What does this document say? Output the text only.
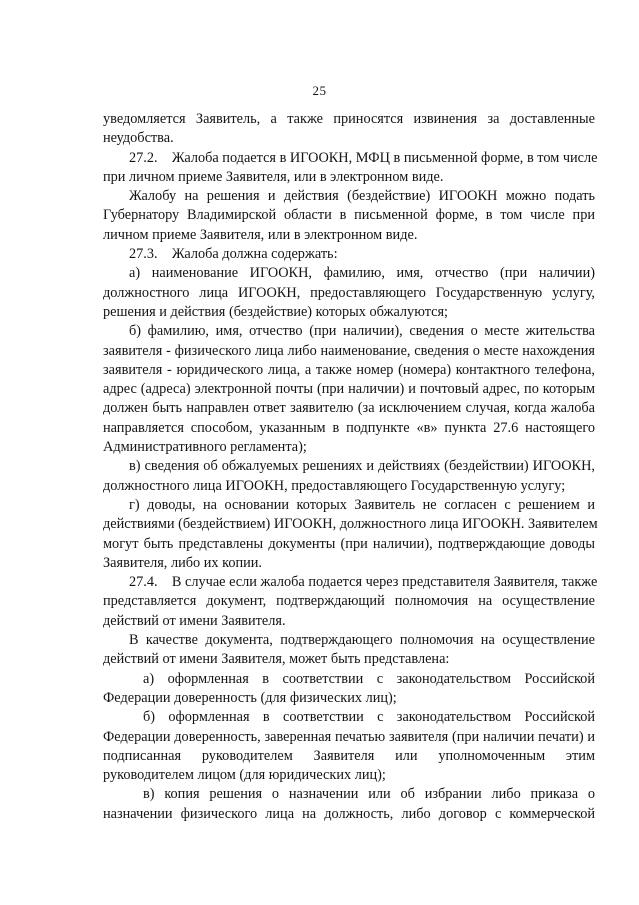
25
уведомляется Заявитель, а также приносятся извинения за доставленные
неудобства.
27.2.    Жалоба подается в ИГООКН, МФЦ в письменной форме, в том числе
при личном приеме Заявителя, или в электронном виде.
Жалобу на решения и действия (бездействие) ИГООКН можно подать
Губернатору Владимирской области в письменной форме, в том числе при
личном приеме Заявителя, или в электронном виде.
27.3.    Жалоба должна содержать:
а) наименование ИГООКН, фамилию, имя, отчество (при наличии)
должностного лица ИГООКН, предоставляющего Государственную услугу,
решения и действия (бездействие) которых обжалуются;
б) фамилию, имя, отчество (при наличии), сведения о месте жительства
заявителя - физического лица либо наименование, сведения о месте нахождения
заявителя - юридического лица, а также номер (номера) контактного телефона,
адрес (адреса) электронной почты (при наличии) и почтовый адрес, по которым
должен быть направлен ответ заявителю (за исключением случая, когда жалоба
направляется способом, указанным в подпункте «в» пункта 27.6 настоящего
Административного регламента);
в) сведения об обжалуемых решениях и действиях (бездействии) ИГООКН,
должностного лица ИГООКН, предоставляющего Государственную услугу;
г) доводы, на основании которых Заявитель не согласен с решением и
действиями (бездействием) ИГООКН, должностного лица ИГООКН. Заявителем
могут быть представлены документы (при наличии), подтверждающие доводы
Заявителя, либо их копии.
27.4.    В случае если жалоба подается через представителя Заявителя, также
представляется документ, подтверждающий полномочия на осуществление
действий от имени Заявителя.
В качестве документа, подтверждающего полномочия на осуществление
действий от имени Заявителя, может быть представлена:
а) оформленная в соответствии с законодательством Российской
Федерации доверенность (для физических лиц);
б) оформленная в соответствии с законодательством Российской
Федерации доверенность, заверенная печатью заявителя (при наличии печати) и
подписанная руководителем Заявителя или уполномоченным этим
руководителем лицом (для юридических лиц);
в) копия решения о назначении или об избрании либо приказа о
назначении физического лица на должность, либо договор с коммерческой
